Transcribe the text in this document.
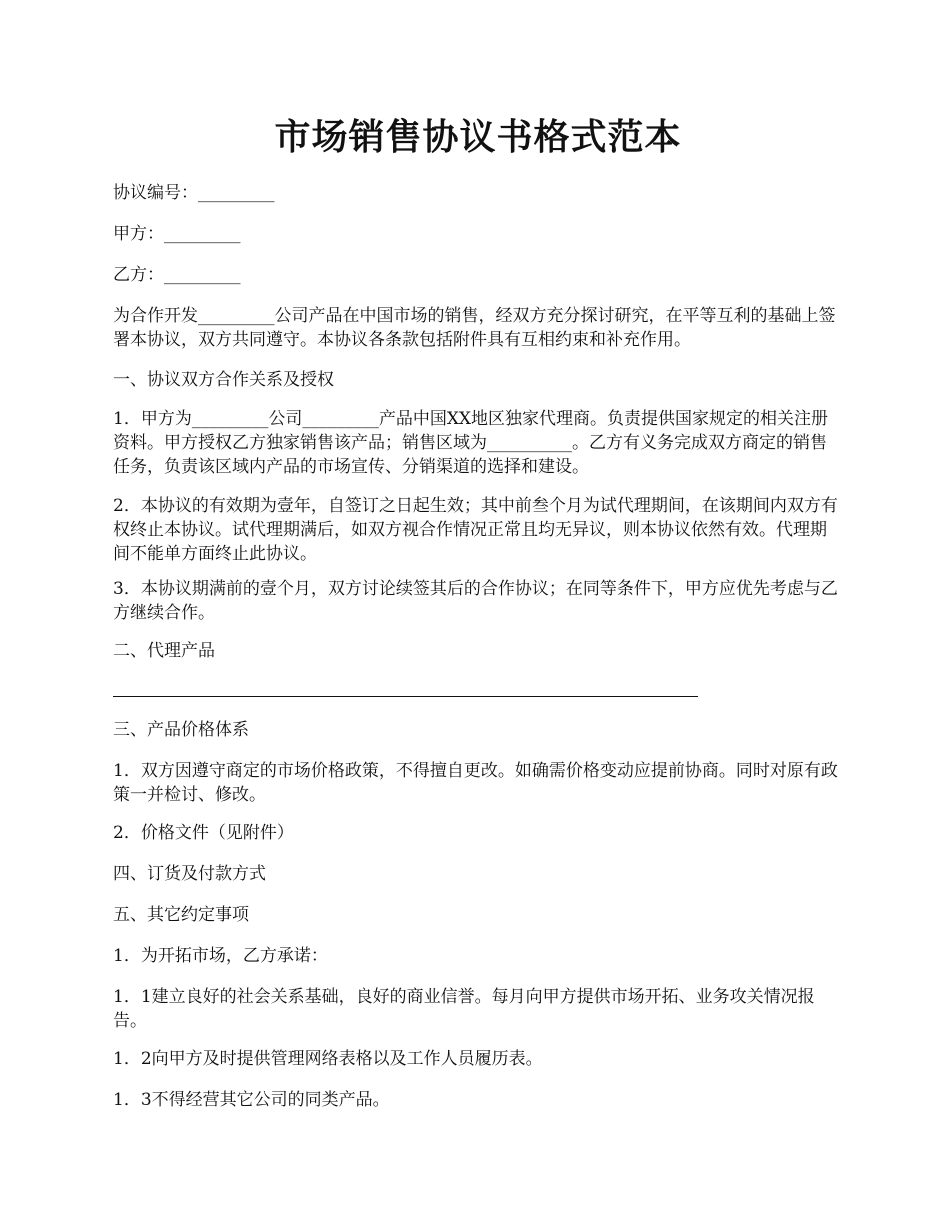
市场销售协议书格式范本

协议编号：_________

甲方：_________

乙方：_________

为合作开发_________公司产品在中国市场的销售，经双方充分探讨研究，在平等互利的基础上签署本协议，双方共同遵守。本协议各条款包括附件具有互相约束和补充作用。

一、协议双方合作关系及授权

1．甲方为_________公司_________产品中国XX地区独家代理商。负责提供国家规定的相关注册资料。甲方授权乙方独家销售该产品；销售区域为__________。乙方有义务完成双方商定的销售任务，负责该区域内产品的市场宣传、分销渠道的选择和建设。

2．本协议的有效期为壹年，自签订之日起生效；其中前叁个月为试代理期间，在该期间内双方有权终止本协议。试代理期满后，如双方视合作情况正常且均无异议，则本协议依然有效。代理期间不能单方面终止此协议。

3．本协议期满前的壹个月，双方讨论续签其后的合作协议；在同等条件下，甲方应优先考虑与乙方继续合作。

二、代理产品

三、产品价格体系

1．双方因遵守商定的市场价格政策，不得擅自更改。如确需价格变动应提前协商。同时对原有政策一并检讨、修改。

2．价格文件（见附件）

四、订货及付款方式

五、其它约定事项

1．为开拓市场，乙方承诺：

1．1建立良好的社会关系基础，良好的商业信誉。每月向甲方提供市场开拓、业务攻关情况报告。

1．2向甲方及时提供管理网络表格以及工作人员履历表。

1．3不得经营其它公司的同类产品。
